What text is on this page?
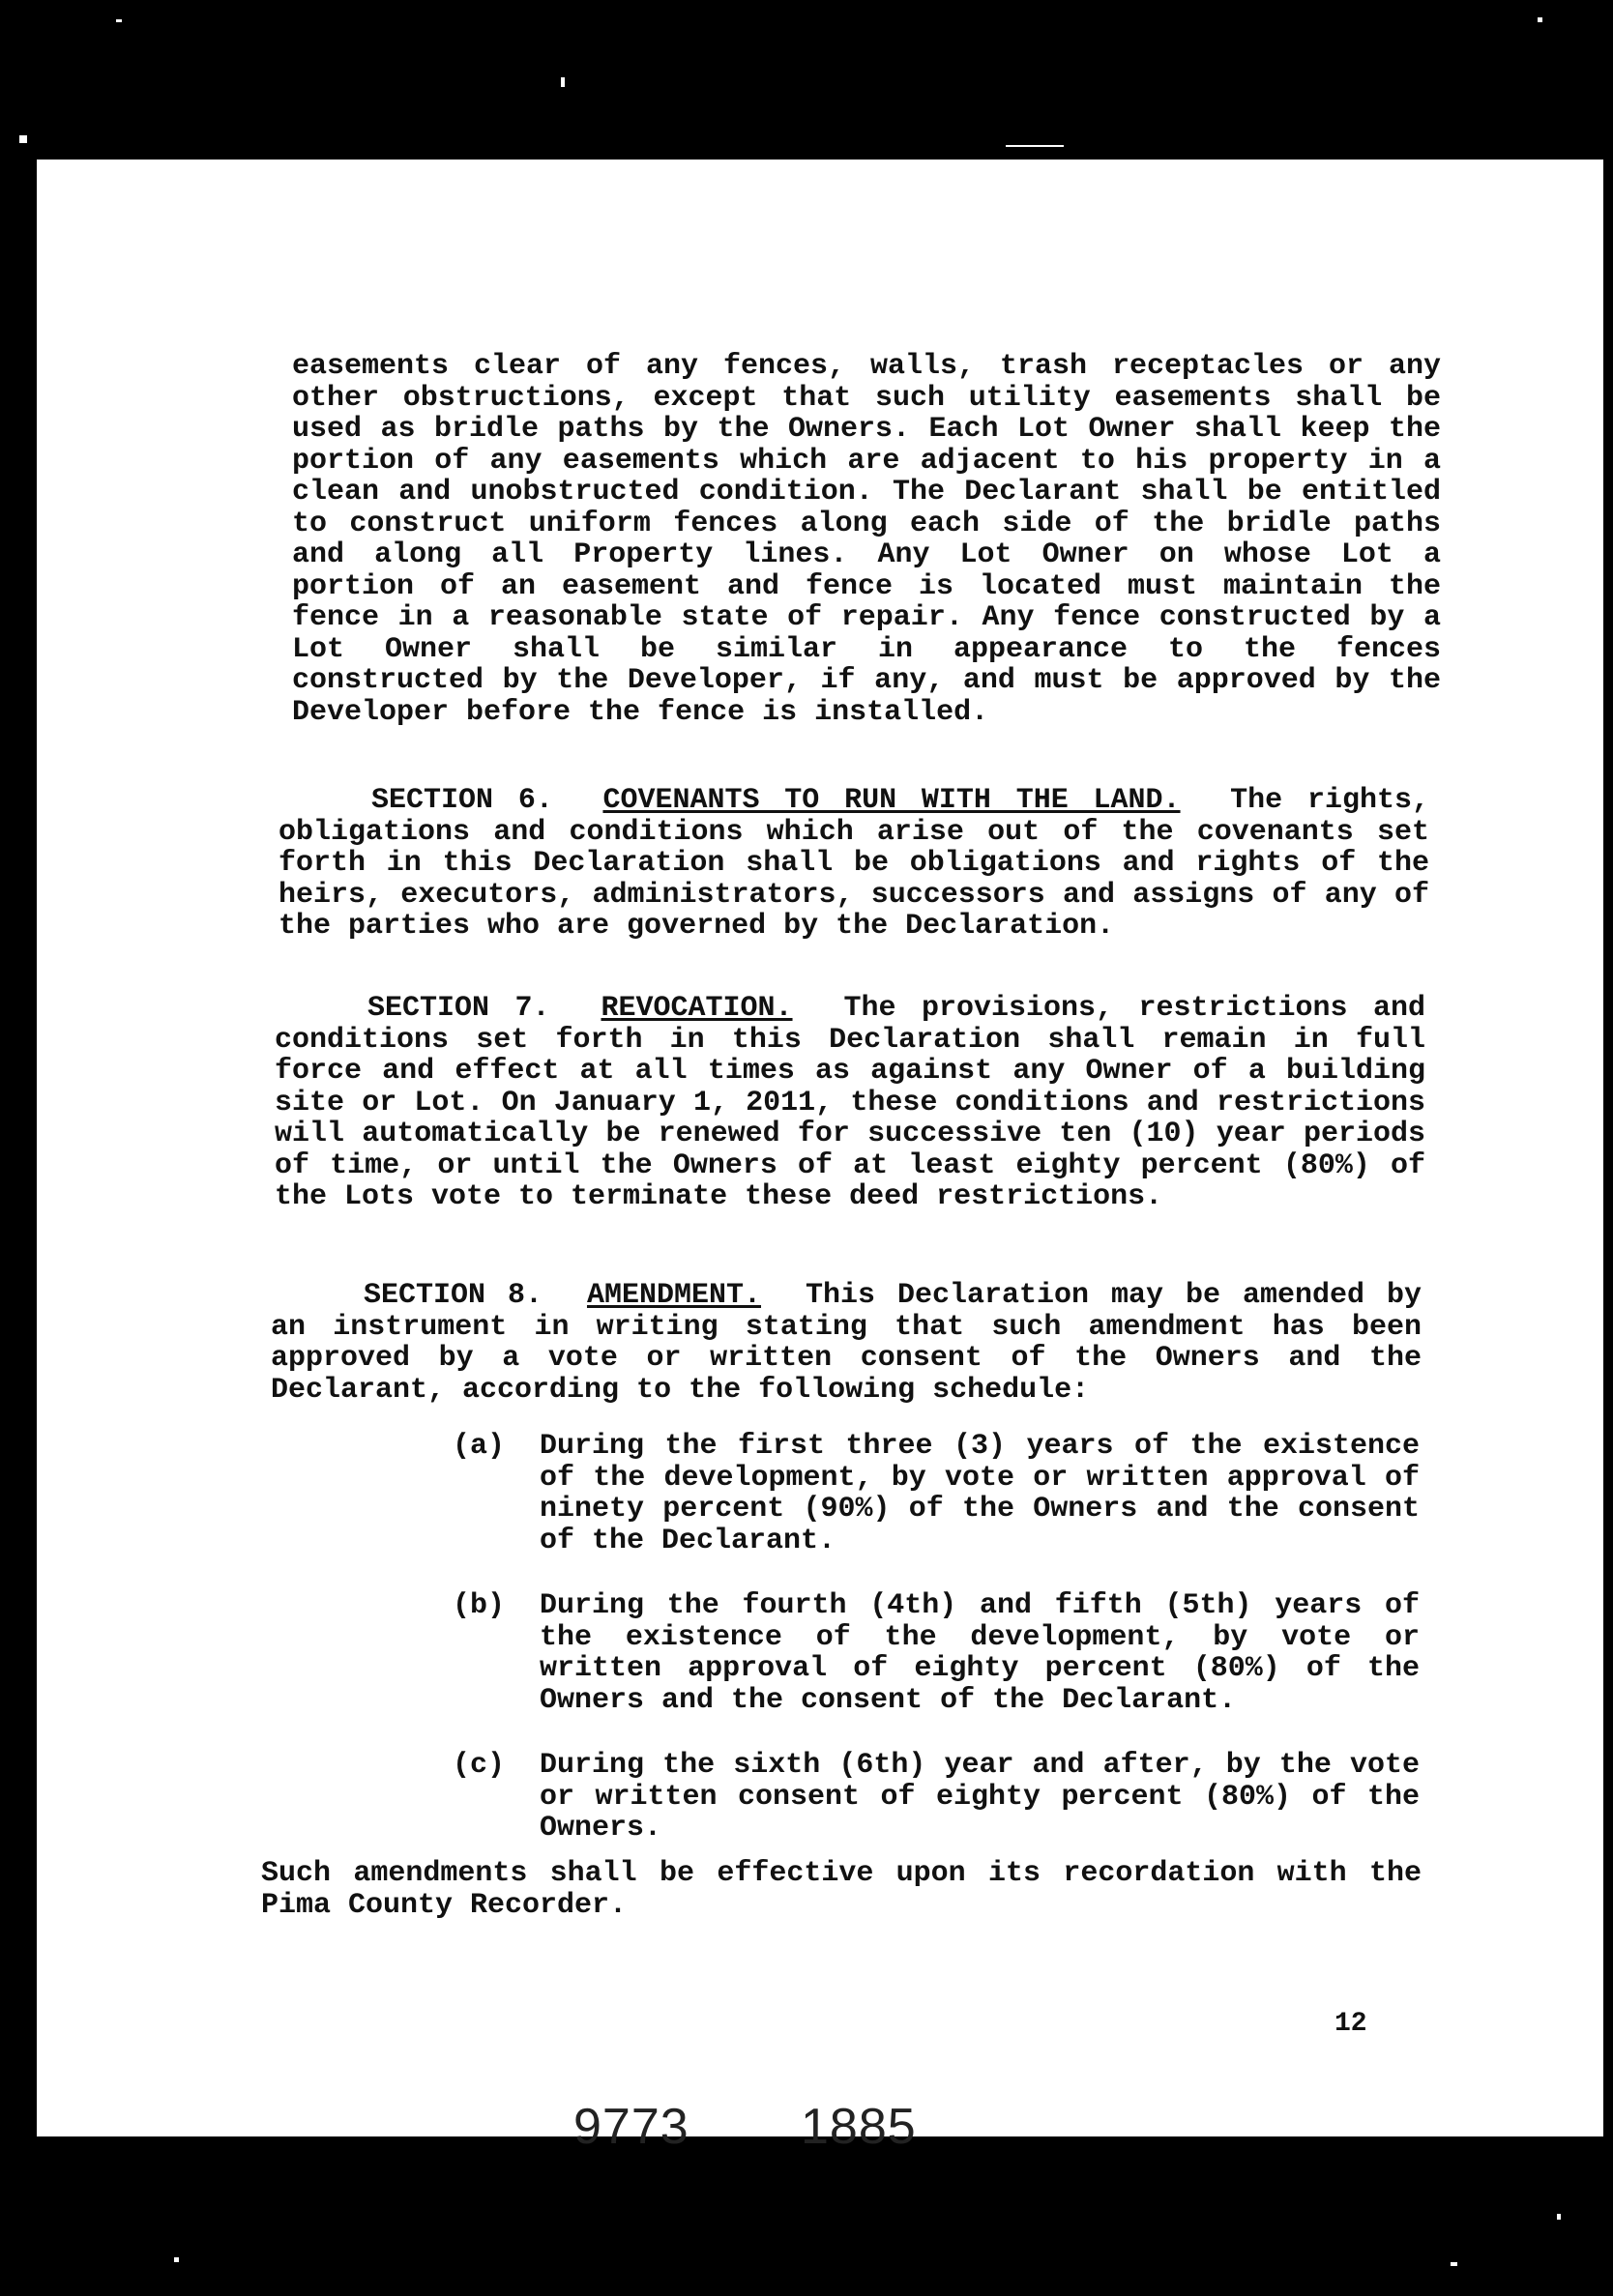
easements clear of any fences, walls, trash receptacles or any other obstructions, except that such utility easements shall be used as bridle paths by the Owners. Each Lot Owner shall keep the portion of any easements which are adjacent to his property in a clean and unobstructed condition. The Declarant shall be entitled to construct uniform fences along each side of the bridle paths and along all Property lines. Any Lot Owner on whose Lot a portion of an easement and fence is located must maintain the fence in a reasonable state of repair. Any fence constructed by a Lot Owner shall be similar in appearance to the fences constructed by the Developer, if any, and must be approved by the Developer before the fence is installed.
SECTION 6. COVENANTS TO RUN WITH THE LAND. The rights, obligations and conditions which arise out of the covenants set forth in this Declaration shall be obligations and rights of the heirs, executors, administrators, successors and assigns of any of the parties who are governed by the Declaration.
SECTION 7. REVOCATION. The provisions, restrictions and conditions set forth in this Declaration shall remain in full force and effect at all times as against any Owner of a building site or Lot. On January 1, 2011, these conditions and restrictions will automatically be renewed for successive ten (10) year periods of time, or until the Owners of at least eighty percent (80%) of the Lots vote to terminate these deed restrictions.
SECTION 8. AMENDMENT. This Declaration may be amended by an instrument in writing stating that such amendment has been approved by a vote or written consent of the Owners and the Declarant, according to the following schedule:
(a)	During the first three (3) years of the existence of the development, by vote or written approval of ninety percent (90%) of the Owners and the consent of the Declarant.
(b)	During the fourth (4th) and fifth (5th) years of the existence of the development, by vote or written approval of eighty percent (80%) of the Owners and the consent of the Declarant.
(c)	During the sixth (6th) year and after, by the vote or written consent of eighty percent (80%) of the Owners.
Such amendments shall be effective upon its recordation with the Pima County Recorder.
12
9773 1885
